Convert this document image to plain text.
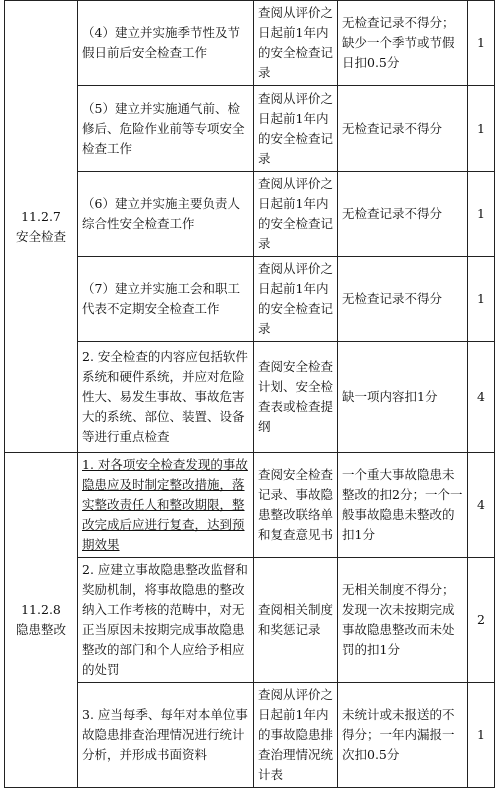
11.2.7
安全检查	（4）建立并实施季节性及节假日前后安全检查工作	查阅从评价之日起前1年内的安全检查记录	无检查记录不得分；缺少一个季节或节假日扣0.5分	1
	（5）建立并实施通气前、检修后、危险作业前等专项安全检查工作	查阅从评价之日起前1年内的安全检查记录	无检查记录不得分	1
	（6）建立并实施主要负责人综合性安全检查工作	查阅从评价之日起前1年内的安全检查记录	无检查记录不得分	1
	（7）建立并实施工会和职工代表不定期安全检查工作	查阅从评价之日起前1年内的安全检查记录	无检查记录不得分	1
	2. 安全检查的内容应包括软件系统和硬件系统，并应对危险性大、易发生事故、事故危害大的系统、部位、装置、设备等进行重点检查	查阅安全检查计划、安全检查表或检查提纲	缺一项内容扣1分	4

11.2.8
隐患整改	1. 对各项安全检查发现的事故隐患应及时制定整改措施，落实整改责任人和整改期限，整改完成后应进行复查，达到预期效果	查阅安全检查记录、事故隐患整改联络单和复查意见书	一个重大事故隐患未整改的扣2分；一个一般事故隐患未整改的扣1分	4
	2. 应建立事故隐患整改监督和奖励机制，将事故隐患的整改纳入工作考核的范畴中，对无正当原因未按期完成事故隐患整改的部门和个人应给予相应的处罚	查阅相关制度和奖惩记录	无相关制度不得分；发现一次未按期完成事故隐患整改而未处罚的扣1分	2
	3. 应当每季、每年对本单位事故隐患排查治理情况进行统计分析，并形成书面资料	查阅从评价之日起前1年内的事故隐患排查治理情况统计表	未统计或未报送的不得分；一年内漏报一次扣0.5分	1
